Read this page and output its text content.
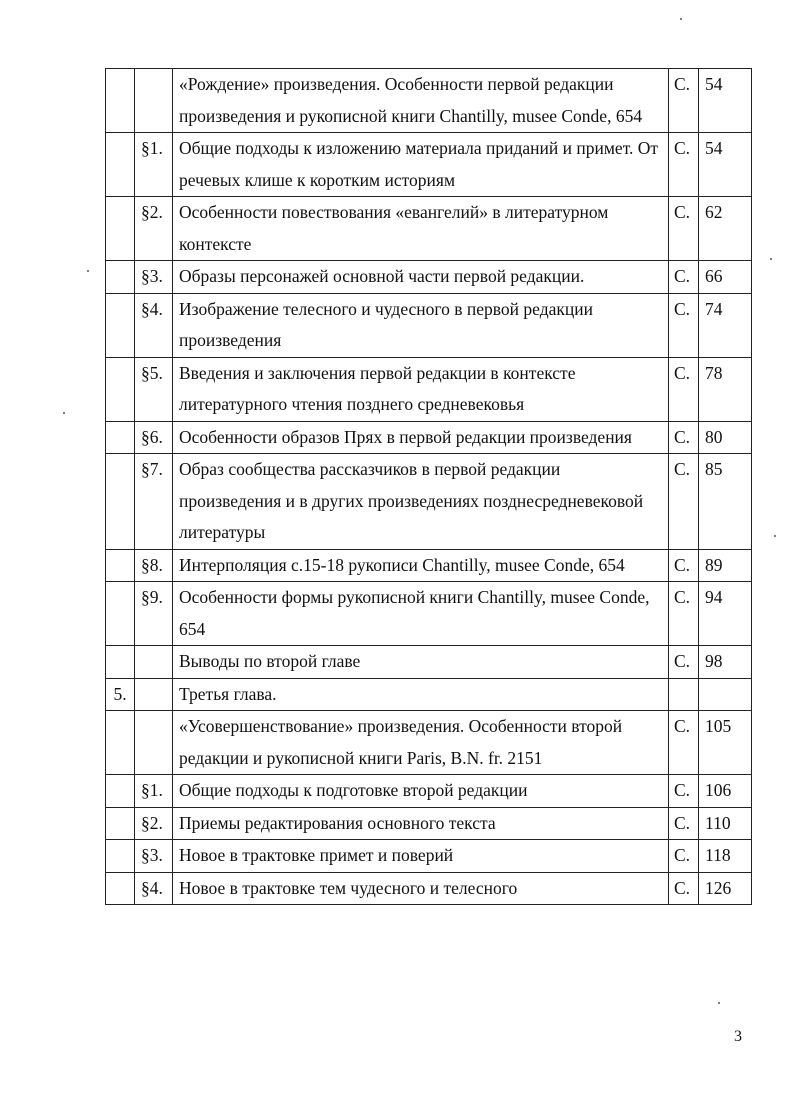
		«Рождение» произведения. Особенности первой редакции произведения и рукописной книги Chantilly, musee Conde, 654	С.	54
	§1.	Общие подходы к изложению материала приданий и примет. От речевых клише к коротким историям	С.	54
	§2.	Особенности повествования «евангелий» в литературном контексте	С.	62
	§3.	Образы персонажей основной части первой редакции.	С.	66
	§4.	Изображение телесного и чудесного в первой редакции произведения	С.	74
	§5.	Введения и заключения первой редакции в контексте литературного чтения позднего средневековья	С.	78
	§6.	Особенности образов Прях в первой редакции произведения	С.	80
	§7.	Образ сообщества рассказчиков в первой редакции произведения и в других произведениях позднесредневековой литературы	С.	85
	§8.	Интерполяция с.15-18 рукописи Chantilly, musee Conde, 654	С.	89
	§9.	Особенности формы рукописной книги Chantilly, musee Conde, 654	С.	94
		Выводы по второй главе	С.	98
5.		Третья глава.		
		«Усовершенствование» произведения. Особенности второй редакции и рукописной книги Paris, B.N. fr. 2151	С.	105
	§1.	Общие подходы к подготовке второй редакции	С.	106
	§2.	Приемы редактирования основного текста	С.	110
	§3.	Новое в трактовке примет и поверий	С.	118
	§4.	Новое в трактовке тем чудесного и телесного	С.	126
3
